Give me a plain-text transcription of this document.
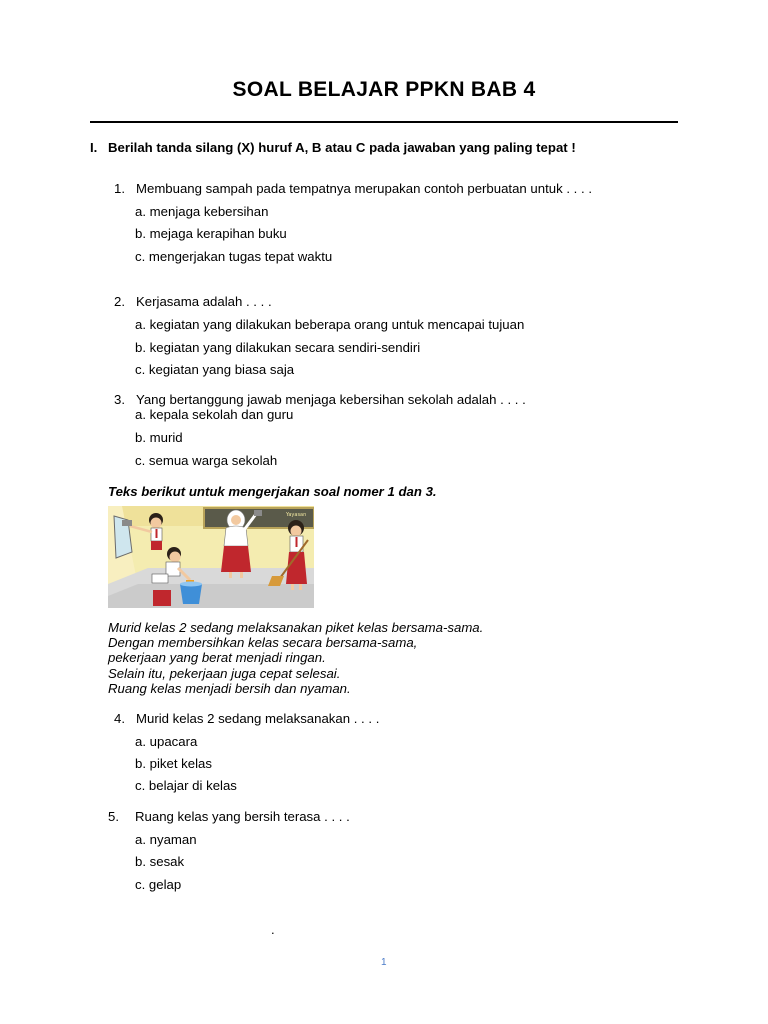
SOAL BELAJAR PPKN BAB 4
I. Berilah tanda silang (X) huruf A, B atau C pada jawaban yang paling tepat !
1. Membuang sampah pada tempatnya merupakan contoh perbuatan untuk . . . .
a. menjaga kebersihan
b. mejaga kerapihan buku
c. mengerjakan tugas tepat waktu
2. Kerjasama adalah . . . .
a. kegiatan yang dilakukan beberapa orang untuk mencapai tujuan
b. kegiatan yang dilakukan secara sendiri-sendiri
c. kegiatan yang biasa saja
3. Yang bertanggung jawab menjaga kebersihan sekolah adalah . . . .
a. kepala sekolah dan guru
b. murid
c. semua warga sekolah
Teks berikut untuk mengerjakan soal nomer 1 dan 3.
Yayasan
Murid kelas 2 sedang melaksanakan piket kelas bersama-sama.
Dengan membersihkan kelas secara bersama-sama,
pekerjaan yang berat menjadi ringan.
Selain itu, pekerjaan juga cepat selesai.
Ruang kelas menjadi bersih dan nyaman.
4. Murid kelas 2 sedang melaksanakan . . . .
a. upacara
b. piket kelas
c. belajar di kelas
5. Ruang kelas yang bersih terasa . . . .
a. nyaman
b. sesak
c. gelap
.
1
